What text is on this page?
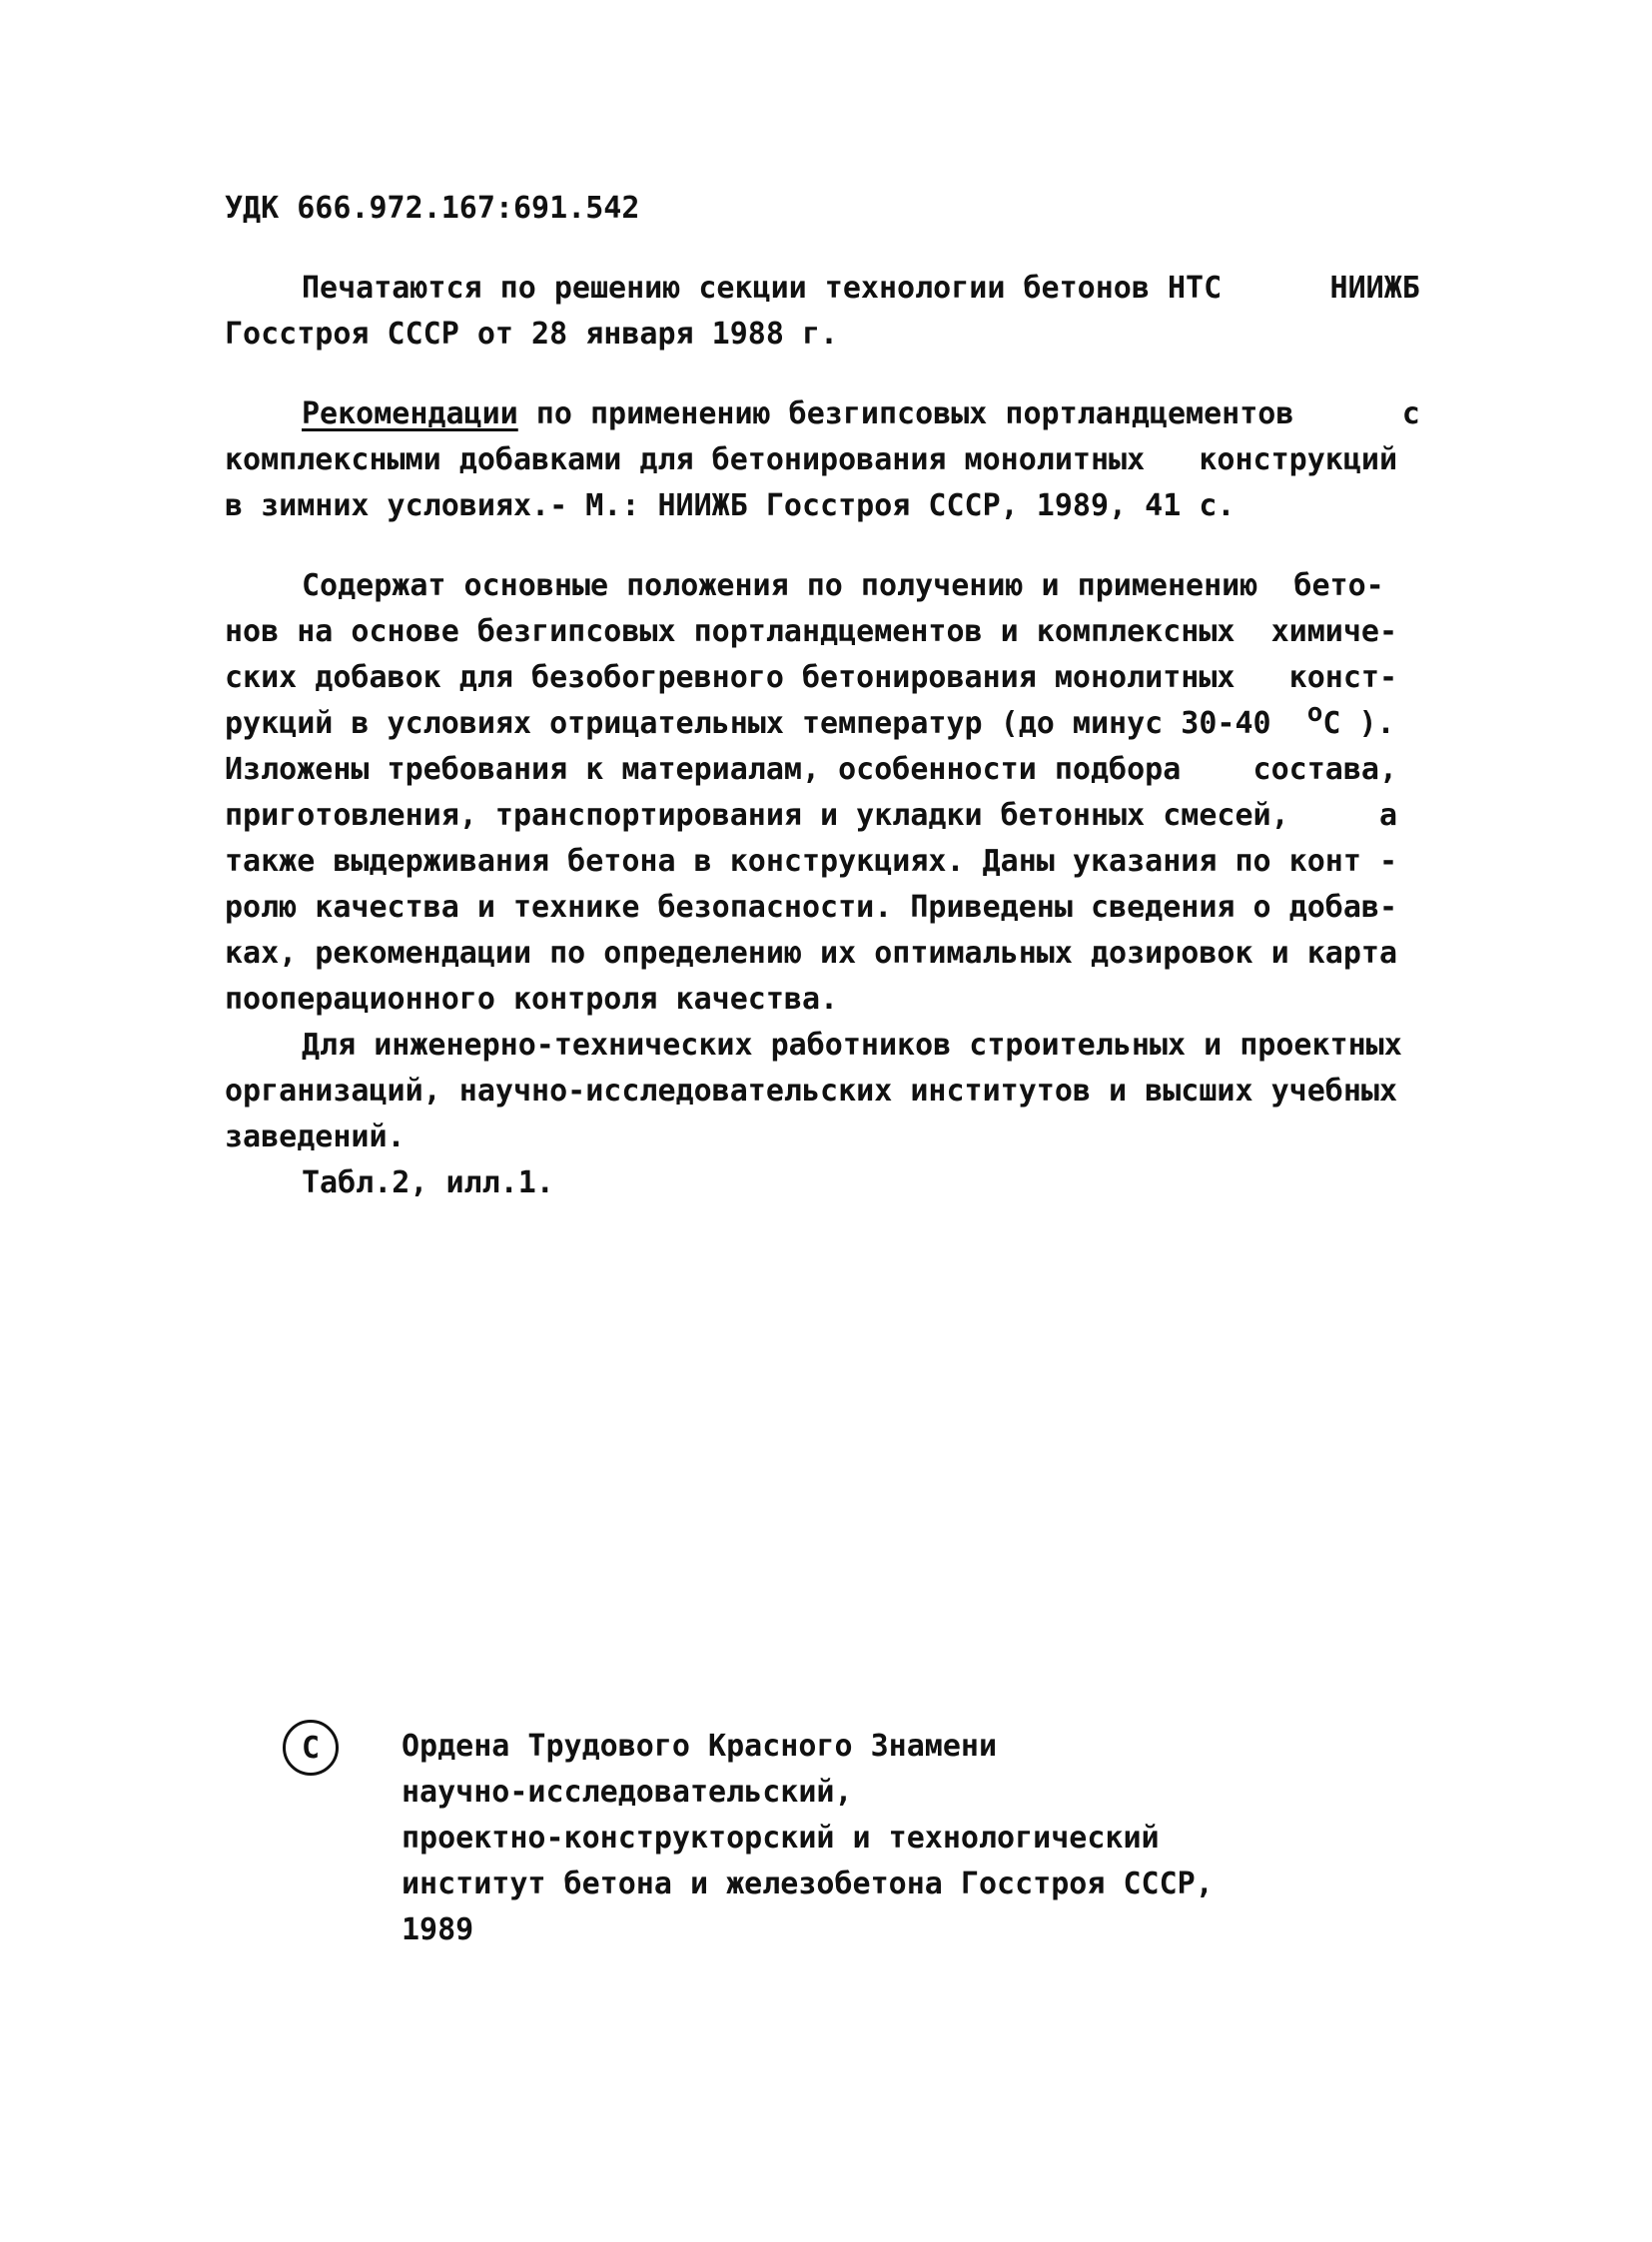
УДК 666.972.167:691.542
Печатаются по решению секции технологии бетонов НТС      НИИЖБ
Госстроя СССР от 28 января 1988 г.
Рекомендации по применению безгипсовых портландцементов      с
комплексными добавками для бетонирования монолитных   конструкций
в зимних условиях.- М.: НИИЖБ Госстроя СССР, 1989, 41 с.
Содержат основные положения по получению и применению  бето-
нов на основе безгипсовых портландцементов и комплексных  химиче-
ских добавок для безобогревного бетонирования монолитных   конст-
рукций в условиях отрицательных температур (до минус 30-40  оС ).
Изложены требования к материалам, особенности подбора    состава,
приготовления, транспортирования и укладки бетонных смесей,     а
также выдерживания бетона в конструкциях. Даны указания по конт -
ролю качества и технике безопасности. Приведены сведения о добав-
ках, рекомендации по определению их оптимальных дозировок и карта
пооперационного контроля качества.
Для инженерно-технических работников строительных и проектных
организаций, научно-исследовательских институтов и высших учебных
заведений.
Табл.2, илл.1.
С	Ордена Трудового Красного Знамени
научно-исследовательский,
проектно-конструкторский и технологический
институт бетона и железобетона Госстроя СССР,
1989
